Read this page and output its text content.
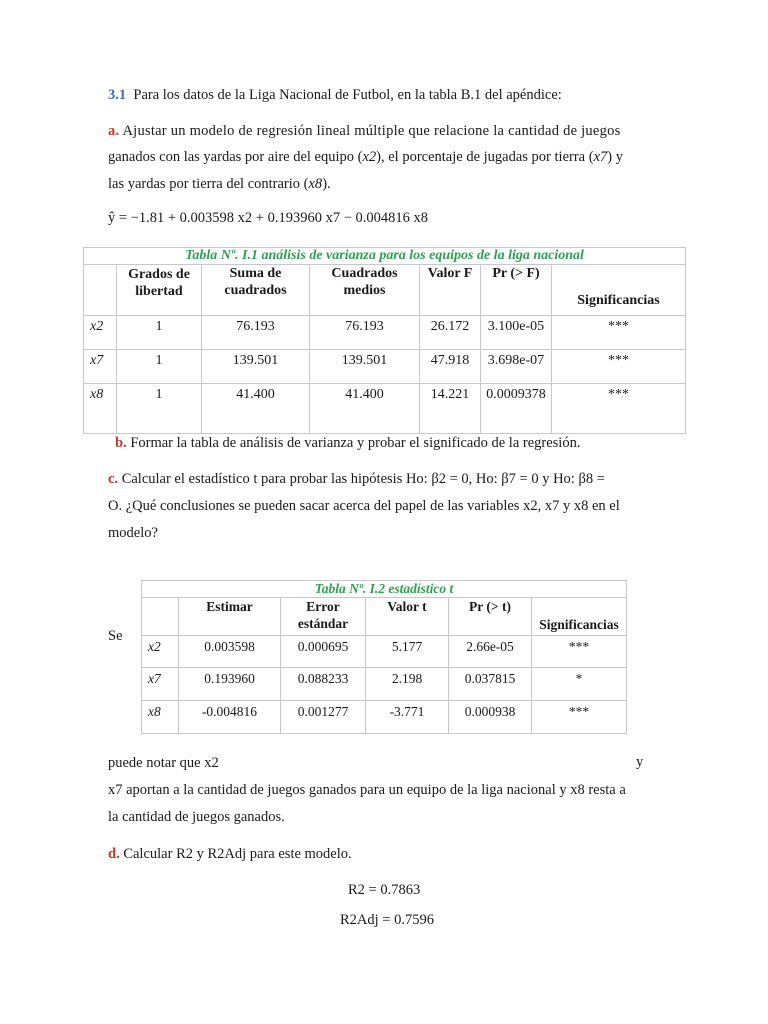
3.1 Para los datos de la Liga Nacional de Futbol, en la tabla B.1 del apéndice:
a. Ajustar un modelo de regresión lineal múltiple que relacione la cantidad de juegos
ganados con las yardas por aire del equipo (x2), el porcentaje de jugadas por tierra (x7) y
las yardas por tierra del contrario (x8).
ŷ = −1.81 + 0.003598 x2 + 0.193960 x7 − 0.004816 x8
Tabla Nº. I.1 análisis de varianza para los equipos de la liga nacional						
	Grados de libertad	Suma de cuadrados	Cuadrados medios	Valor F	Pr (> F)	Significancias
x2	1	76.193	76.193	26.172	3.100e-05	***
x7	1	139.501	139.501	47.918	3.698e-07	***
x8	1	41.400	41.400	14.221	0.0009378	***
b. Formar la tabla de análisis de varianza y probar el significado de la regresión.
c. Calcular el estadístico t para probar las hipótesis Ho: β2 = 0, Ho: β7 = 0 y Ho: β8 =
O. ¿Qué conclusiones se pueden sacar acerca del papel de las variables x2, x7 y x8 en el
modelo?
Se
Tabla Nº. I.2 estadístico t					
	Estimar	Error estándar	Valor t	Pr (> t)	Significancias
x2	0.003598	0.000695	5.177	2.66e-05	***
x7	0.193960	0.088233	2.198	0.037815	*
x8	-0.004816	0.001277	-3.771	0.000938	***
puede notar que x2	y
x7 aportan a la cantidad de juegos ganados para un equipo de la liga nacional y x8 resta a
la cantidad de juegos ganados.
d. Calcular R2 y R2Adj para este modelo.
R2 = 0.7863
R2Adj = 0.7596
